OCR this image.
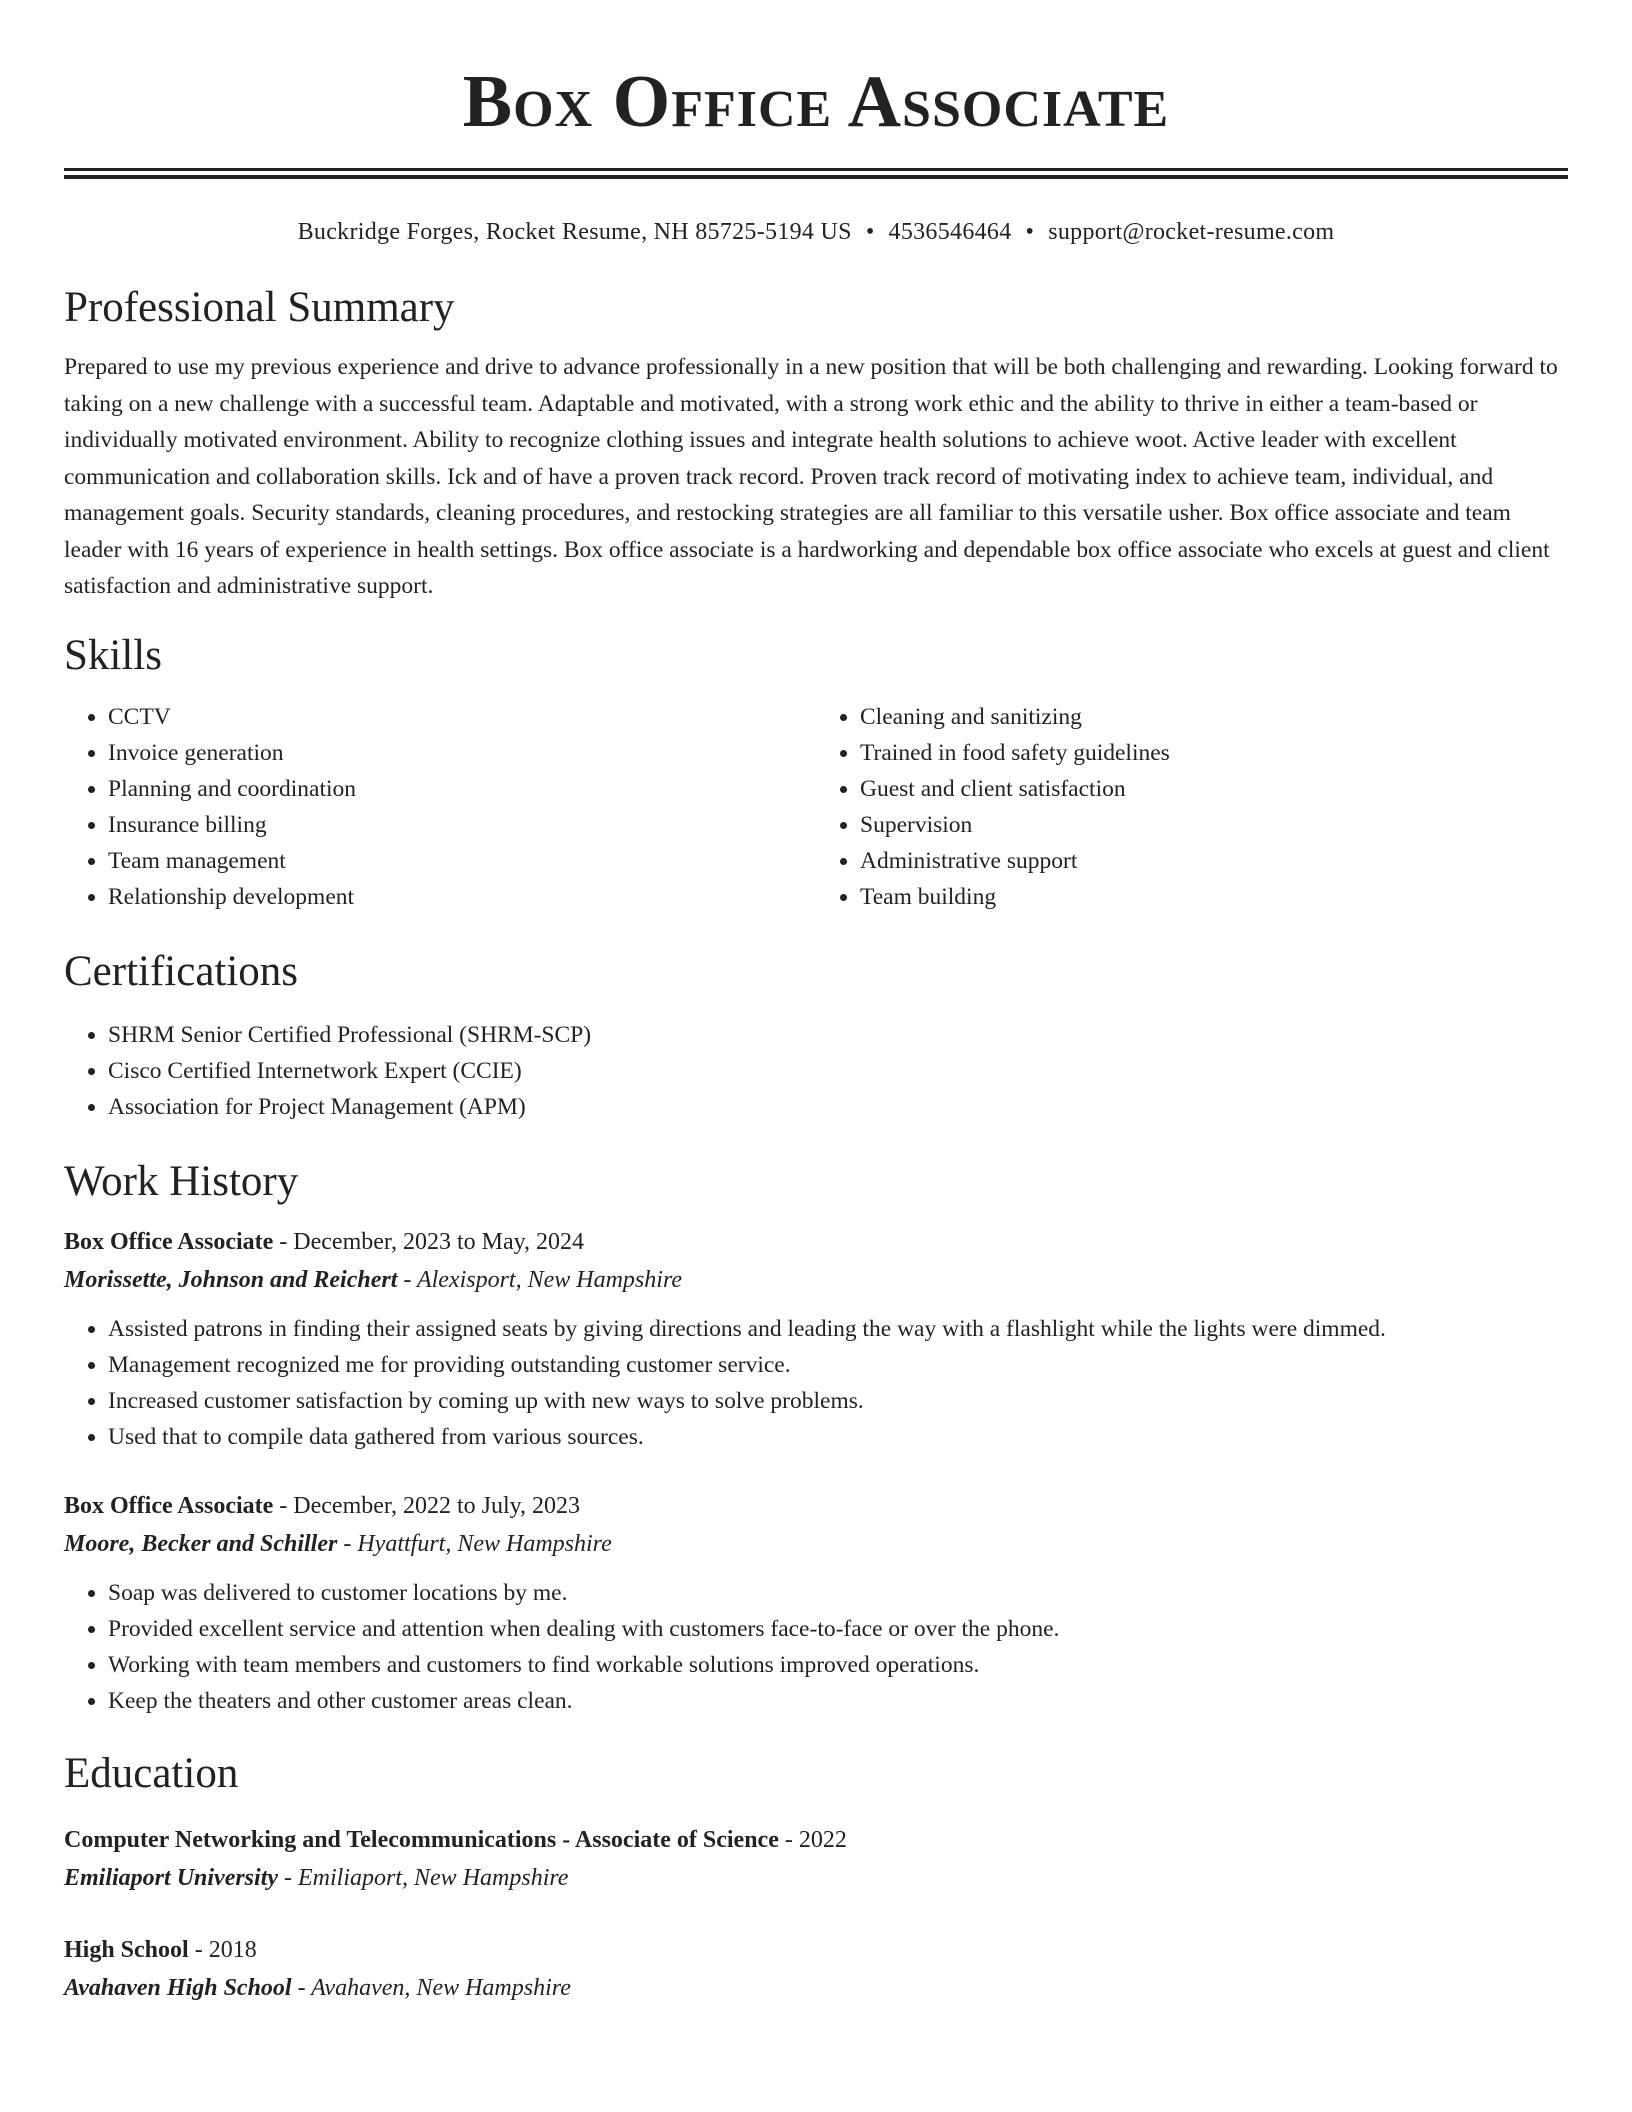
Box Office Associate
Buckridge Forges, Rocket Resume, NH 85725-5194 US • 4536546464 • support@rocket-resume.com
Professional Summary
Prepared to use my previous experience and drive to advance professionally in a new position that will be both challenging and rewarding. Looking forward to taking on a new challenge with a successful team. Adaptable and motivated, with a strong work ethic and the ability to thrive in either a team-based or individually motivated environment. Ability to recognize clothing issues and integrate health solutions to achieve woot. Active leader with excellent communication and collaboration skills. Ick and of have a proven track record. Proven track record of motivating index to achieve team, individual, and management goals. Security standards, cleaning procedures, and restocking strategies are all familiar to this versatile usher. Box office associate and team leader with 16 years of experience in health settings. Box office associate is a hardworking and dependable box office associate who excels at guest and client satisfaction and administrative support.
Skills
• CCTV
• Invoice generation
• Planning and coordination
• Insurance billing
• Team management
• Relationship development
• Cleaning and sanitizing
• Trained in food safety guidelines
• Guest and client satisfaction
• Supervision
• Administrative support
• Team building
Certifications
• SHRM Senior Certified Professional (SHRM-SCP)
• Cisco Certified Internetwork Expert (CCIE)
• Association for Project Management (APM)
Work History
Box Office Associate - December, 2023 to May, 2024
Morissette, Johnson and Reichert - Alexisport, New Hampshire
• Assisted patrons in finding their assigned seats by giving directions and leading the way with a flashlight while the lights were dimmed.
• Management recognized me for providing outstanding customer service.
• Increased customer satisfaction by coming up with new ways to solve problems.
• Used that to compile data gathered from various sources.
Box Office Associate - December, 2022 to July, 2023
Moore, Becker and Schiller - Hyattfurt, New Hampshire
• Soap was delivered to customer locations by me.
• Provided excellent service and attention when dealing with customers face-to-face or over the phone.
• Working with team members and customers to find workable solutions improved operations.
• Keep the theaters and other customer areas clean.
Education
Computer Networking and Telecommunications - Associate of Science - 2022
Emiliaport University - Emiliaport, New Hampshire
High School - 2018
Avahaven High School - Avahaven, New Hampshire
